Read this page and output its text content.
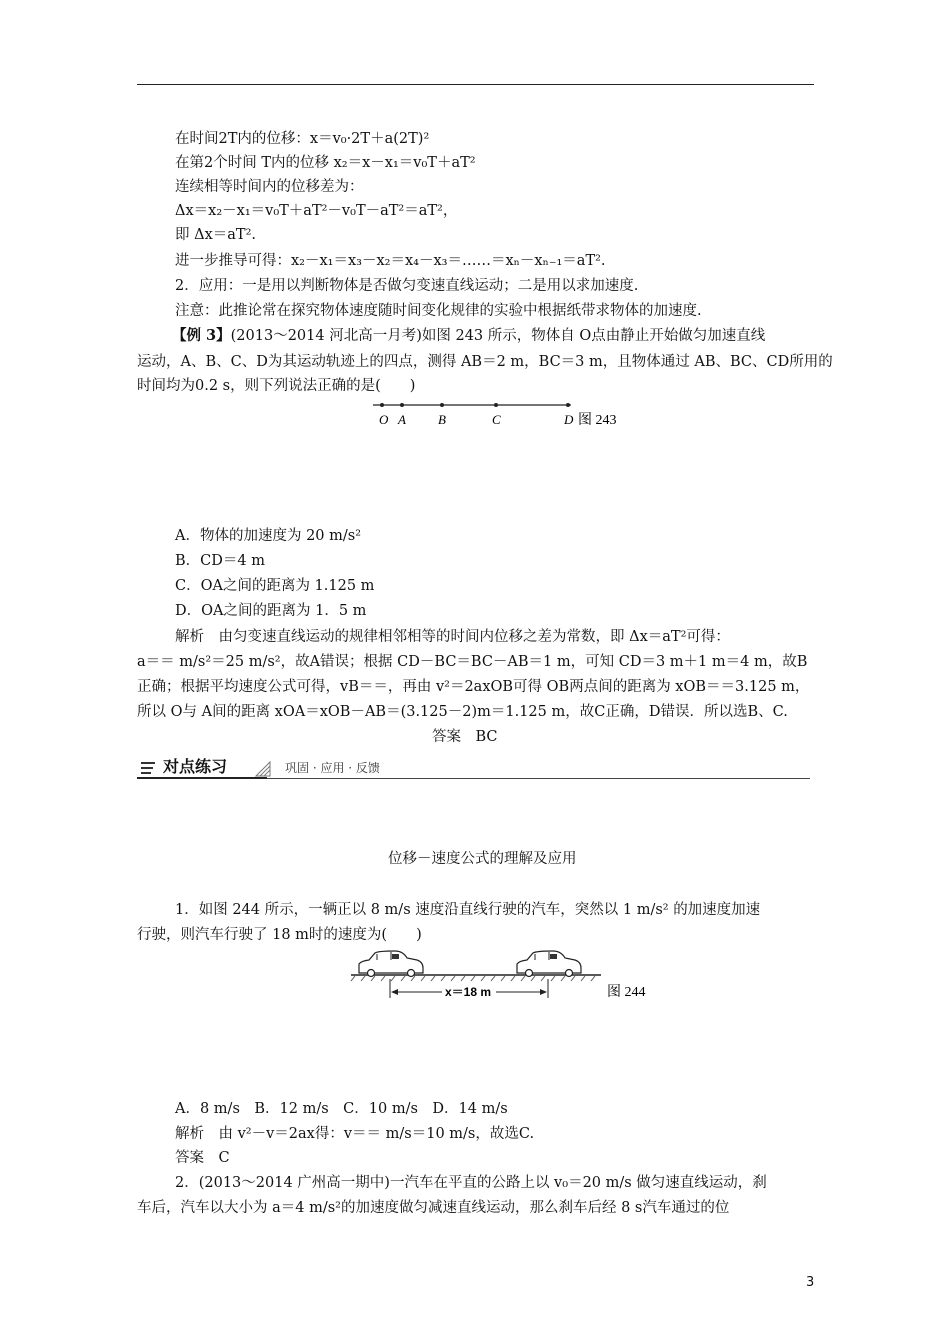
在时间2T内的位移：x＝v₀·2T＋a(2T)²
在第2个时间 T内的位移 x₂＝x－x₁＝v₀T＋aT²
连续相等时间内的位移差为：
Δx＝x₂－x₁＝v₀T＋aT²－v₀T－aT²＝aT²，
即 Δx＝aT².
进一步推导可得：x₂－x₁＝x₃－x₂＝x₄－x₃＝……＝xₙ－xₙ₋₁＝aT².
2．应用：一是用以判断物体是否做匀变速直线运动；二是用以求加速度.
注意：此推论常在探究物体速度随时间变化规律的实验中根据纸带求物体的加速度.
【例 3】(2013～2014 河北高一月考)如图 243 所示，物体自 O点由静止开始做匀加速直线
运动，A、B、C、D为其运动轨迹上的四点，测得 AB＝2 m，BC＝3 m，且物体通过 AB、BC、CD所用的
时间均为0.2 s，则下列说法正确的是(　　)
O A B	C	D 图 243
A．物体的加速度为 20 m/s²
B．CD＝4 m
C．OA之间的距离为 1.125 m
D．OA之间的距离为 1．5 m
解析　由匀变速直线运动的规律相邻相等的时间内位移之差为常数，即 Δx＝aT²可得：
a＝＝ m/s²＝25 m/s²，故A错误；根据 CD－BC＝BC－AB＝1 m，可知 CD＝3 m＋1 m＝4 m，故B
正确；根据平均速度公式可得，vB＝＝，再由 v²＝2axOB可得 OB两点间的距离为 xOB＝＝3.125 m，
所以 O与 A间的距离 xOA＝xOB－AB＝(3.125－2)m＝1.125 m，故C正确，D错误．所以选B、C.
答案　BC
对点练习	巩固 · 应用 · 反馈
位移－速度公式的理解及应用
1．如图 244 所示，一辆正以 8 m/s 速度沿直线行驶的汽车，突然以 1 m/s² 的加速度加速
行驶，则汽车行驶了 18 m时的速度为(　　)
x＝18 m	图 244
A．8 m/s　B．12 m/s　C．10 m/s　D．14 m/s
解析　由 v²－v＝2ax得：v＝＝ m/s＝10 m/s，故选C.
答案　C
2．(2013～2014 广州高一期中)一汽车在平直的公路上以 v₀＝20 m/s 做匀速直线运动，刹
车后，汽车以大小为 a＝4 m/s²的加速度做匀减速直线运动，那么刹车后经 8 s汽车通过的位
3
